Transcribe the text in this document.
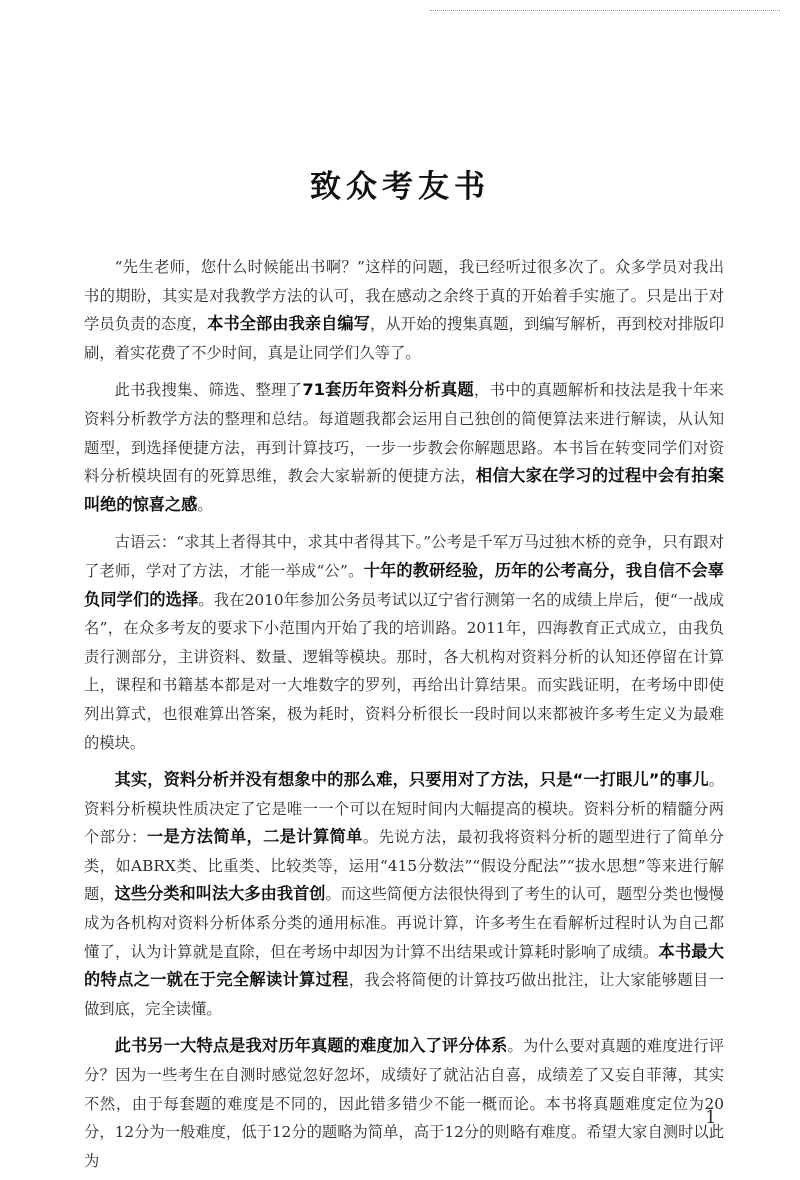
致众考友书

“先生老师，您什么时候能出书啊？”这样的问题，我已经听过很多次了。众多学员对我出书的期盼，其实是对我教学方法的认可，我在感动之余终于真的开始着手实施了。只是出于对学员负责的态度，本书全部由我亲自编写，从开始的搜集真题，到编写解析，再到校对排版印刷，着实花费了不少时间，真是让同学们久等了。

此书我搜集、筛选、整理了71套历年资料分析真题，书中的真题解析和技法是我十年来资料分析教学方法的整理和总结。每道题我都会运用自己独创的简便算法来进行解读，从认知题型，到选择便捷方法，再到计算技巧，一步一步教会你解题思路。本书旨在转变同学们对资料分析模块固有的死算思维，教会大家崭新的便捷方法，相信大家在学习的过程中会有拍案叫绝的惊喜之感。

古语云：“求其上者得其中，求其中者得其下。”公考是千军万马过独木桥的竞争，只有跟对了老师，学对了方法，才能一举成“公”。十年的教研经验，历年的公考高分，我自信不会辜负同学们的选择。我在2010年参加公务员考试以辽宁省行测第一名的成绩上岸后，便“一战成名”，在众多考友的要求下小范围内开始了我的培训路。2011年，四海教育正式成立，由我负责行测部分，主讲资料、数量、逻辑等模块。那时，各大机构对资料分析的认知还停留在计算上，课程和书籍基本都是对一大堆数字的罗列，再给出计算结果。而实践证明，在考场中即使列出算式，也很难算出答案，极为耗时，资料分析很长一段时间以来都被许多考生定义为最难的模块。

其实，资料分析并没有想象中的那么难，只要用对了方法，只是“一打眼儿”的事儿。资料分析模块性质决定了它是唯一一个可以在短时间内大幅提高的模块。资料分析的精髓分两个部分：一是方法简单，二是计算简单。先说方法，最初我将资料分析的题型进行了简单分类，如ABRX类、比重类、比较类等，运用“415分数法”“假设分配法”“拔水思想”等来进行解题，这些分类和叫法大多由我首创。而这些简便方法很快得到了考生的认可，题型分类也慢慢成为各机构对资料分析体系分类的通用标准。再说计算，许多考生在看解析过程时认为自己都懂了，认为计算就是直除，但在考场中却因为计算不出结果或计算耗时影响了成绩。本书最大的特点之一就在于完全解读计算过程，我会将简便的计算技巧做出批注，让大家能够题目一做到底，完全读懂。

此书另一大特点是我对历年真题的难度加入了评分体系。为什么要对真题的难度进行评分？因为一些考生在自测时感觉忽好忽坏，成绩好了就沾沾自喜，成绩差了又妄自菲薄，其实不然，由于每套题的难度是不同的，因此错多错少不能一概而论。本书将真题难度定位为20分，12分为一般难度，低于12分的题略为简单，高于12分的则略有难度。希望大家自测时以此为

1
